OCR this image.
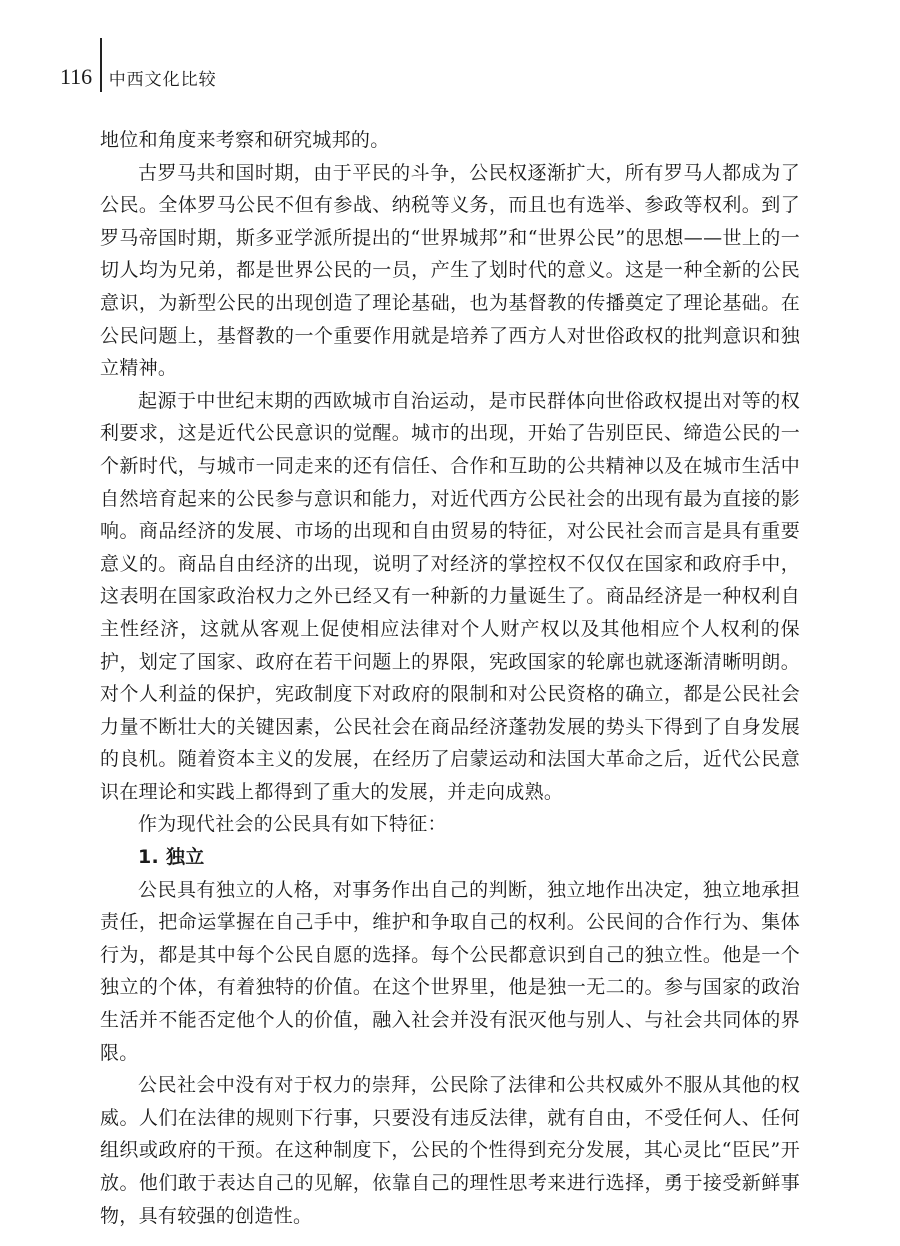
116 中西文化比较

地位和角度来考察和研究城邦的。

古罗马共和国时期，由于平民的斗争，公民权逐渐扩大，所有罗马人都成为了公民。全体罗马公民不但有参战、纳税等义务，而且也有选举、参政等权利。到了罗马帝国时期，斯多亚学派所提出的“世界城邦”和“世界公民”的思想——世上的一切人均为兄弟，都是世界公民的一员，产生了划时代的意义。这是一种全新的公民意识，为新型公民的出现创造了理论基础，也为基督教的传播奠定了理论基础。在公民问题上，基督教的一个重要作用就是培养了西方人对世俗政权的批判意识和独立精神。

起源于中世纪末期的西欧城市自治运动，是市民群体向世俗政权提出对等的权利要求，这是近代公民意识的觉醒。城市的出现，开始了告别臣民、缔造公民的一个新时代，与城市一同走来的还有信任、合作和互助的公共精神以及在城市生活中自然培育起来的公民参与意识和能力，对近代西方公民社会的出现有最为直接的影响。商品经济的发展、市场的出现和自由贸易的特征，对公民社会而言是具有重要意义的。商品自由经济的出现，说明了对经济的掌控权不仅仅在国家和政府手中，这表明在国家政治权力之外已经又有一种新的力量诞生了。商品经济是一种权利自主性经济，这就从客观上促使相应法律对个人财产权以及其他相应个人权利的保护，划定了国家、政府在若干问题上的界限，宪政国家的轮廓也就逐渐清晰明朗。对个人利益的保护，宪政制度下对政府的限制和对公民资格的确立，都是公民社会力量不断壮大的关键因素，公民社会在商品经济蓬勃发展的势头下得到了自身发展的良机。随着资本主义的发展，在经历了启蒙运动和法国大革命之后，近代公民意识在理论和实践上都得到了重大的发展，并走向成熟。

作为现代社会的公民具有如下特征：

1. 独立

公民具有独立的人格，对事务作出自己的判断，独立地作出决定，独立地承担责任，把命运掌握在自己手中，维护和争取自己的权利。公民间的合作行为、集体行为，都是其中每个公民自愿的选择。每个公民都意识到自己的独立性。他是一个独立的个体，有着独特的价值。在这个世界里，他是独一无二的。参与国家的政治生活并不能否定他个人的价值，融入社会并没有泯灭他与别人、与社会共同体的界限。

公民社会中没有对于权力的崇拜，公民除了法律和公共权威外不服从其他的权威。人们在法律的规则下行事，只要没有违反法律，就有自由，不受任何人、任何组织或政府的干预。在这种制度下，公民的个性得到充分发展，其心灵比“臣民”开放。他们敢于表达自己的见解，依靠自己的理性思考来进行选择，勇于接受新鲜事物，具有较强的创造性。
